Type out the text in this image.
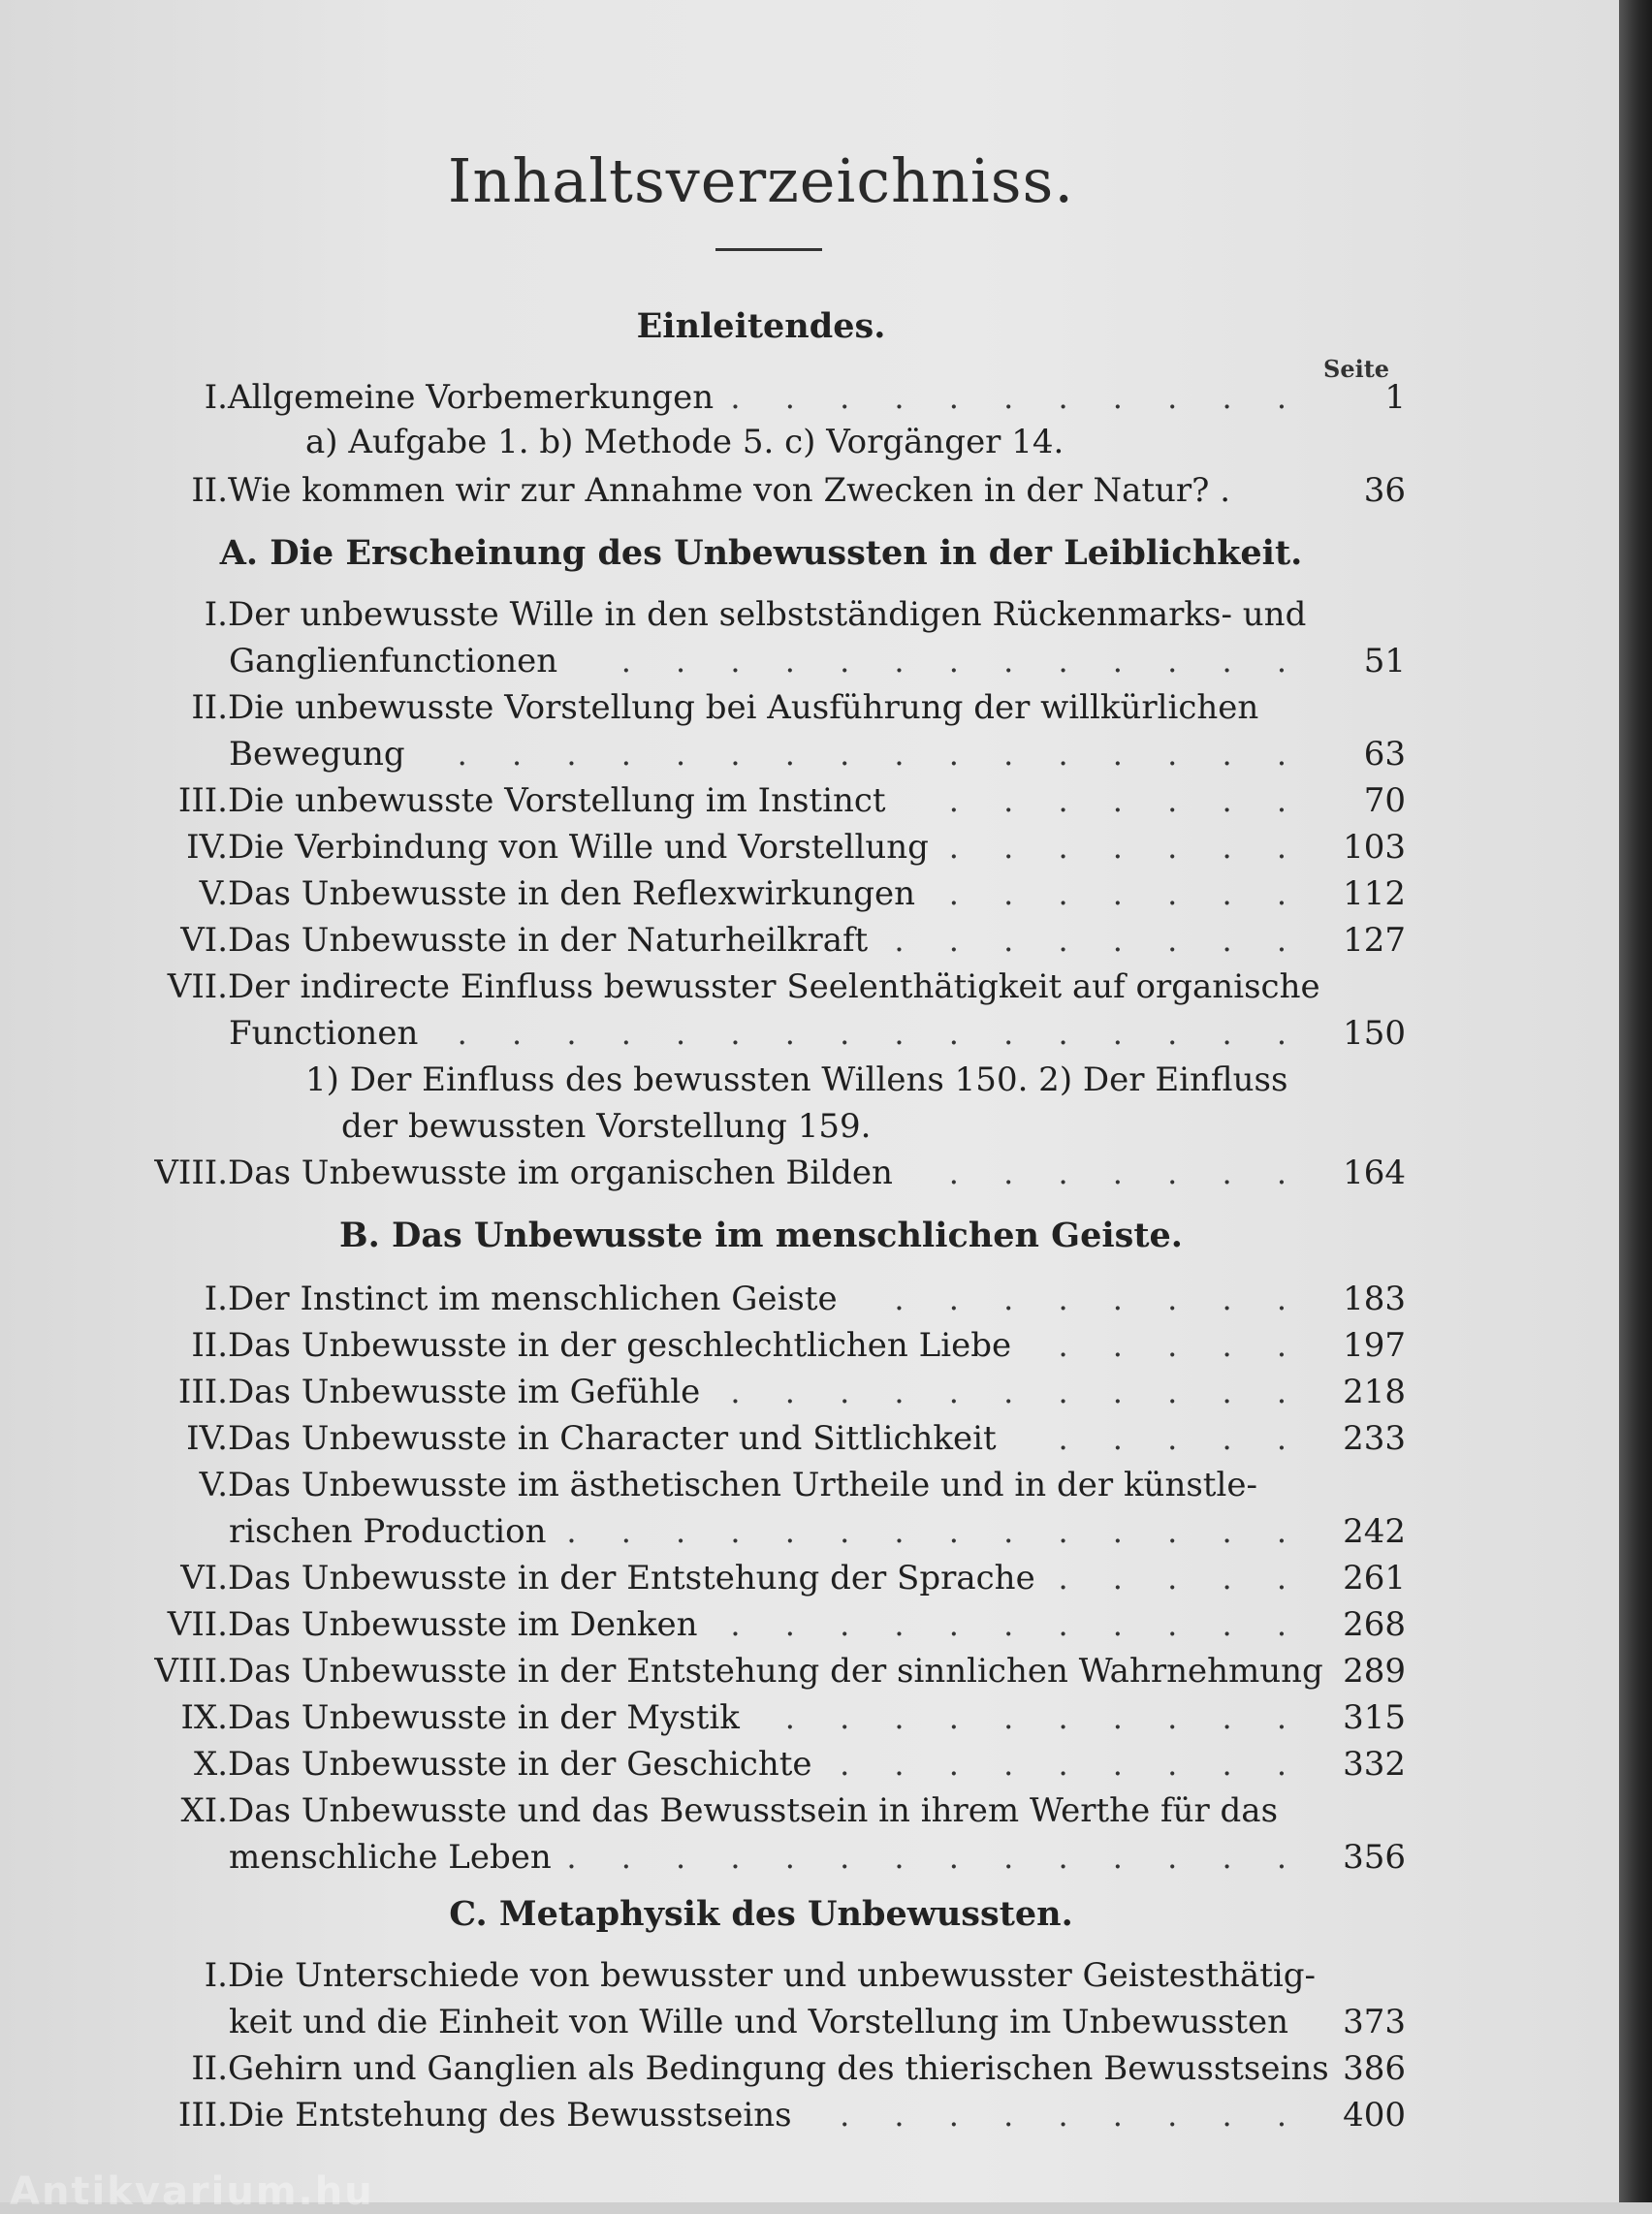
Inhaltsverzeichniss.
Einleitendes.
Seite
I. Allgemeine Vorbemerkungen . . . . . . . . . . .	1
a) Aufgabe 1. b) Methode 5. c) Vorgänger 14.
II. Wie kommen wir zur Annahme von Zwecken in der Natur? .	36
A. Die Erscheinung des Unbewussten in der Leiblichkeit.
I. Der unbewusste Wille in den selbstständigen Rückenmarks- und
Ganglienfunctionen . . . . . . . . . . . . .	51
II. Die unbewusste Vorstellung bei Ausführung der willkürlichen
Bewegung . . . . . . . . . . . . . . . .	63
III. Die unbewusste Vorstellung im Instinct . . . . . . .	70
IV. Die Verbindung von Wille und Vorstellung . . . . . . .	103
V. Das Unbewusste in den Reflexwirkungen . . . . . . .	112
VI. Das Unbewusste in der Naturheilkraft . . . . . . . .	127
VII. Der indirecte Einfluss bewusster Seelenthätigkeit auf organische
Functionen . . . . . . . . . . . . . . . .	150
1) Der Einfluss des bewussten Willens 150. 2) Der Einfluss
der bewussten Vorstellung 159.
VIII. Das Unbewusste im organischen Bilden . . . . . . .	164
B. Das Unbewusste im menschlichen Geiste.
I. Der Instinct im menschlichen Geiste . . . . . . . .	183
II. Das Unbewusste in der geschlechtlichen Liebe . . . . .	197
III. Das Unbewusste im Gefühle . . . . . . . . . . .	218
IV. Das Unbewusste in Character und Sittlichkeit . . . . .	233
V. Das Unbewusste im ästhetischen Urtheile und in der künstle-
rischen Production . . . . . . . . . . . . . .	242
VI. Das Unbewusste in der Entstehung der Sprache . . . . .	261
VII. Das Unbewusste im Denken . . . . . . . . . . .	268
VIII. Das Unbewusste in der Entstehung der sinnlichen Wahrnehmung 289
IX. Das Unbewusste in der Mystik . . . . . . . . . .	315
X. Das Unbewusste in der Geschichte . . . . . . . . .	332
XI. Das Unbewusste und das Bewusstsein in ihrem Werthe für das
menschliche Leben . . . . . . . . . . . . . .	356
C. Metaphysik des Unbewussten.
I. Die Unterschiede von bewusster und unbewusster Geistesthätig-
keit und die Einheit von Wille und Vorstellung im Unbewussten	373
II. Gehirn und Ganglien als Bedingung des thierischen Bewusstseins 386
III. Die Entstehung des Bewusstseins . . . . . . . . .	400
Antikvarium.hu
